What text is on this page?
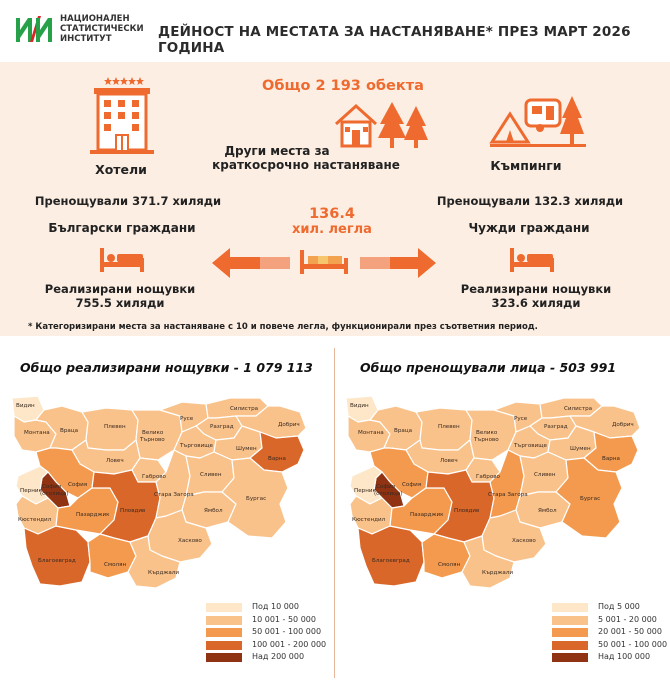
НАЦИОНАЛЕН
СТАТИСТИЧЕСКИ
ИНСТИТУТ	ДЕЙНОСТ НА МЕСТАТА ЗА НАСТАНЯВАНЕ* ПРЕЗ МАРТ 2026 ГОДИНА
Общо 2 193 обекта
Хотели
Други места за
краткосрочно настаняване	Къмпинги
Пренощували 371.7 хиляди	Пренощували 132.3 хиляди
136.4
хил. легла
Български граждани	Чужди граждани
Реализирани нощувки
755.5 хиляди
Реализирани нощувки
323.6 хиляди
* Категоризирани места за настаняване с 10 и повече легла, функционирали през съответния период.
Общо реализирани нощувки - 1 079 113	Общо пренощували лица - 503 991
Видин
Монтана Враца
Плевен
Велико
Търново
Русе
Силистра
Разград	Добрич
Търговище	Шумен
Варна
Ловеч
Габрово
София
(столица)
София
Перник
Кюстендил
Благоевград
Пазарджик
Пловдив
Смолян
Стара Загора
Сливен
Ямбол
Бургас
Хасково
Кърджали
Видин
Монтана Враца
Плевен
Велико
Търново
Русе
Силистра
Разград	Добрич
Търговище	Шумен
Варна
Ловеч
Габрово
София
(столица)
София
Перник
Кюстендил
Благоевград
Пазарджик
Пловдив
Смолян
Стара Загора
Сливен
Ямбол
Бургас
Хасково
Кърджали
Под 10 000
10 001 - 50 000
50 001 - 100 000
100 001 - 200 000
Над 200 000
Под 5 000
5 001 - 20 000
20 001 - 50 000
50 001 - 100 000
Над 100 000
